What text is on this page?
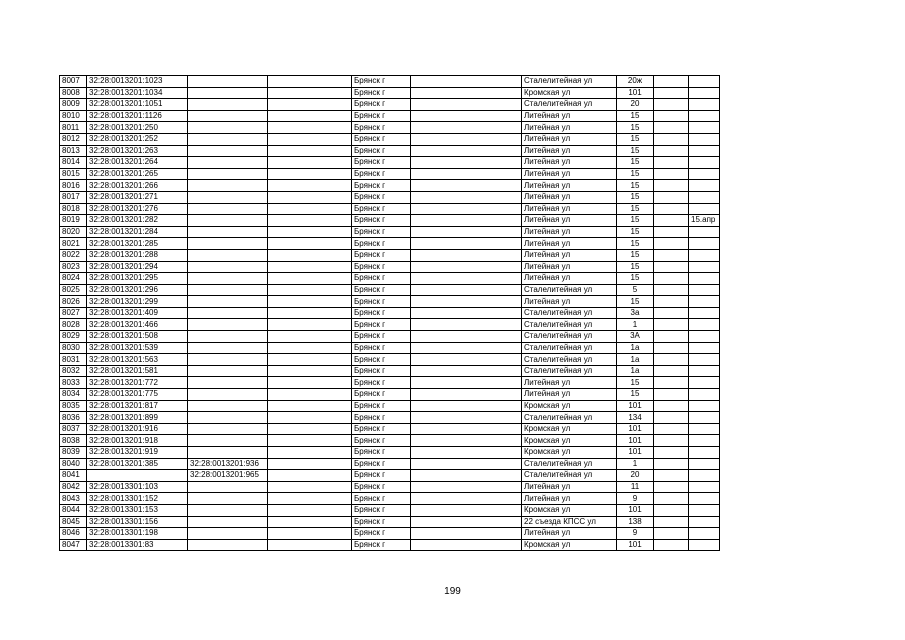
8007	32:28:0013201:1023			Брянск г		Сталелитейная ул	20ж		
8008	32:28:0013201:1034			Брянск г		Кромская ул	101		
8009	32:28:0013201:1051			Брянск г		Сталелитейная ул	20		
8010	32:28:0013201:1126			Брянск г		Литейная ул	15		
8011	32:28:0013201:250			Брянск г		Литейная ул	15		
8012	32:28:0013201:252			Брянск г		Литейная ул	15		
8013	32:28:0013201:263			Брянск г		Литейная ул	15		
8014	32:28:0013201:264			Брянск г		Литейная ул	15		
8015	32:28:0013201:265			Брянск г		Литейная ул	15		
8016	32:28:0013201:266			Брянск г		Литейная ул	15		
8017	32:28:0013201:271			Брянск г		Литейная ул	15		
8018	32:28:0013201:276			Брянск г		Литейная ул	15		
8019	32:28:0013201:282			Брянск г		Литейная ул	15		15.апр
8020	32:28:0013201:284			Брянск г		Литейная ул	15		
8021	32:28:0013201:285			Брянск г		Литейная ул	15		
8022	32:28:0013201:288			Брянск г		Литейная ул	15		
8023	32:28:0013201:294			Брянск г		Литейная ул	15		
8024	32:28:0013201:295			Брянск г		Литейная ул	15		
8025	32:28:0013201:296			Брянск г		Сталелитейная ул	5		
8026	32:28:0013201:299			Брянск г		Литейная ул	15		
8027	32:28:0013201:409			Брянск г		Сталелитейная ул	3а		
8028	32:28:0013201:466			Брянск г		Сталелитейная ул	1		
8029	32:28:0013201:508			Брянск г		Сталелитейная ул	3А		
8030	32:28:0013201:539			Брянск г		Сталелитейная ул	1а		
8031	32:28:0013201:563			Брянск г		Сталелитейная ул	1а		
8032	32:28:0013201:581			Брянск г		Сталелитейная ул	1а		
8033	32:28:0013201:772			Брянск г		Литейная ул	15		
8034	32:28:0013201:775			Брянск г		Литейная ул	15		
8035	32:28:0013201:817			Брянск г		Кромская ул	101		
8036	32:28:0013201:899			Брянск г		Сталелитейная ул	134		
8037	32:28:0013201:916			Брянск г		Кромская ул	101		
8038	32:28:0013201:918			Брянск г		Кромская ул	101		
8039	32:28:0013201:919			Брянск г		Кромская ул	101		
8040	32:28:0013201:385	32:28:0013201:936		Брянск г		Сталелитейная ул	1		
8041		32:28:0013201:965		Брянск г		Сталелитейная ул	20		
8042	32:28:0013301:103			Брянск г		Литейная ул	11		
8043	32:28:0013301:152			Брянск г		Литейная ул	9		
8044	32:28:0013301:153			Брянск г		Кромская ул	101		
8045	32:28:0013301:156			Брянск г		22 съезда КПСС ул	138		
8046	32:28:0013301:198			Брянск г		Литейная ул	9		
8047	32:28:0013301:83			Брянск г		Кромская ул	101		
199
